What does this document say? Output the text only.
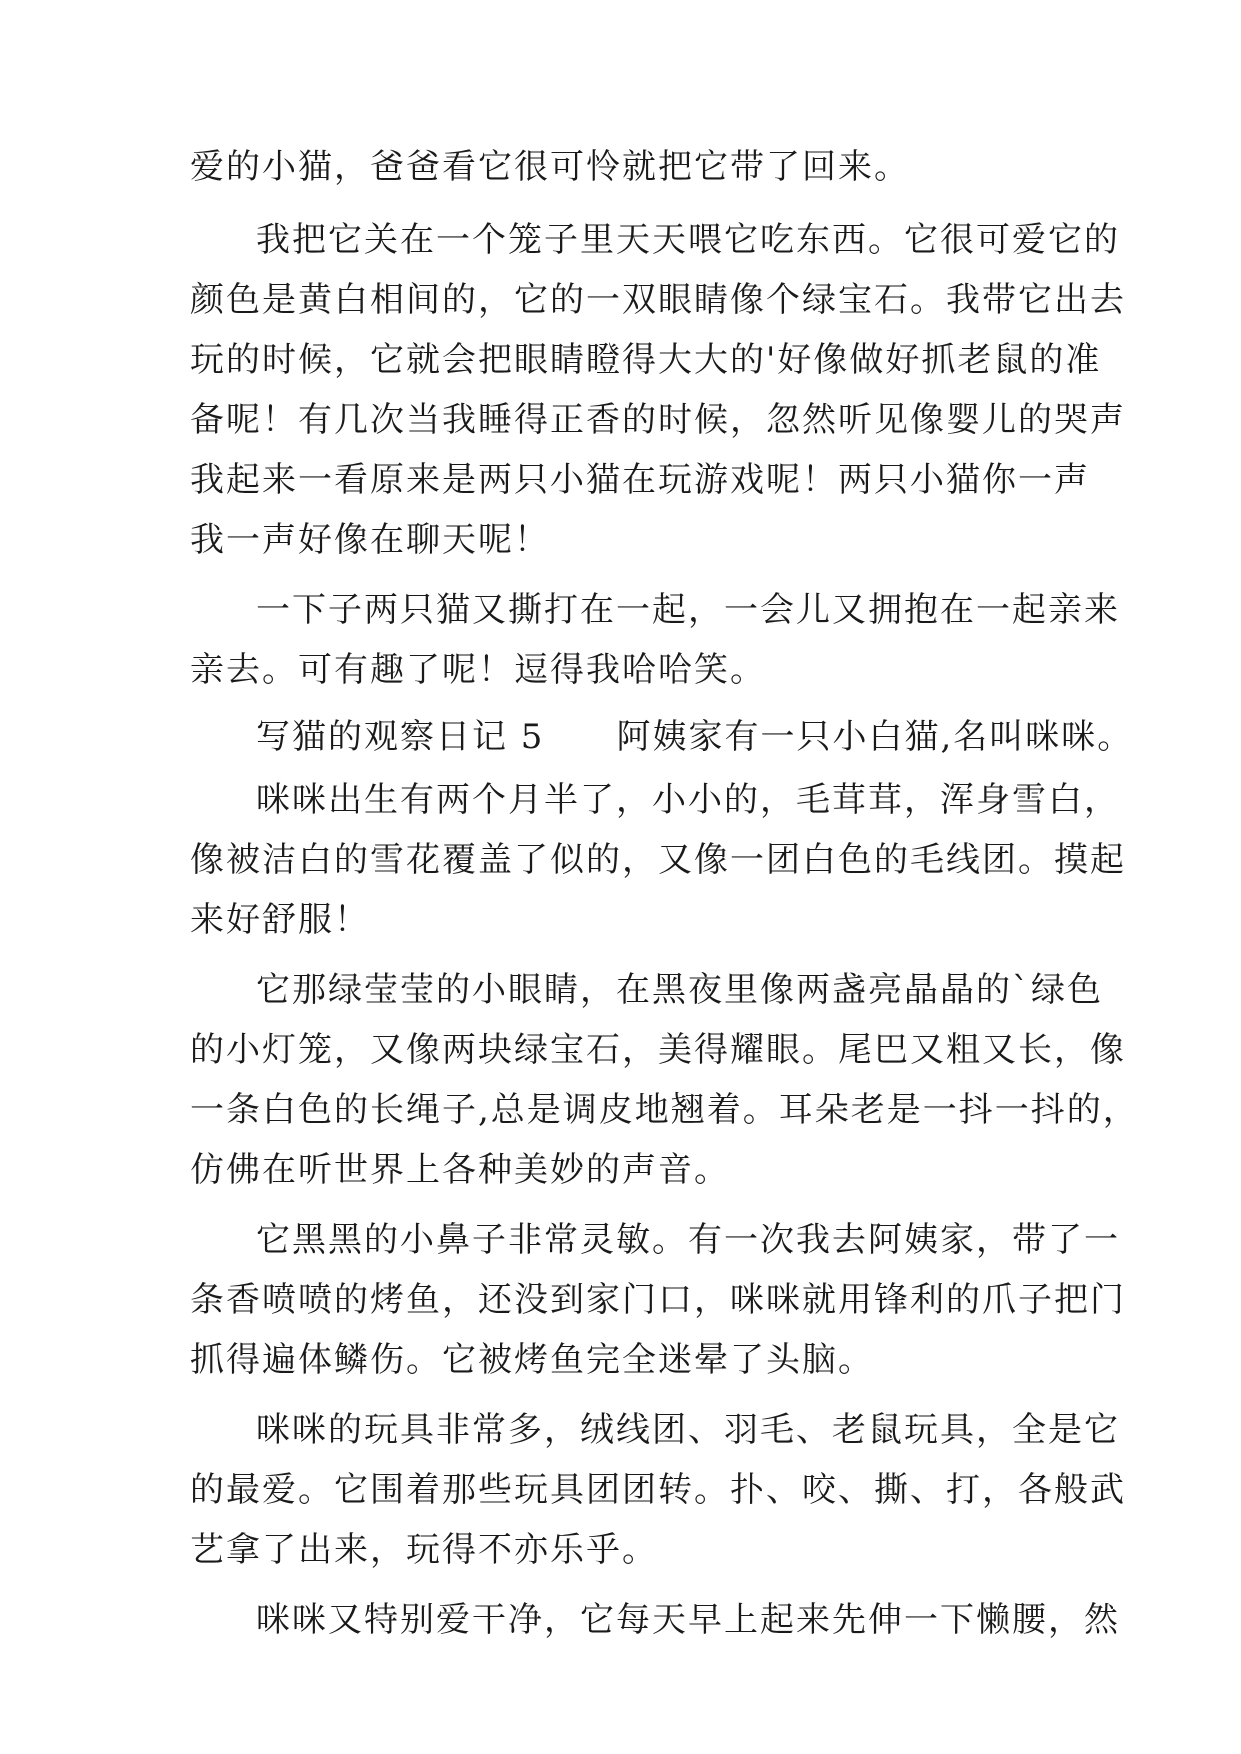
爱的小猫，爸爸看它很可怜就把它带了回来。
我把它关在一个笼子里天天喂它吃东西。它很可爱它的
颜色是黄白相间的，它的一双眼睛像个绿宝石。我带它出去
玩的时候，它就会把眼睛瞪得大大的'好像做好抓老鼠的准
备呢！有几次当我睡得正香的时候，忽然听见像婴儿的哭声
我起来一看原来是两只小猫在玩游戏呢！两只小猫你一声
我一声好像在聊天呢！
一下子两只猫又撕打在一起，一会儿又拥抱在一起亲来
亲去。可有趣了呢！逗得我哈哈笑。
写猫的观察日记 5　　阿姨家有一只小白猫,名叫咪咪。
咪咪出生有两个月半了，小小的，毛茸茸，浑身雪白，
像被洁白的雪花覆盖了似的，又像一团白色的毛线团。摸起
来好舒服！
它那绿莹莹的小眼睛，在黑夜里像两盏亮晶晶的`绿色
的小灯笼，又像两块绿宝石，美得耀眼。尾巴又粗又长，像
一条白色的长绳子,总是调皮地翘着。耳朵老是一抖一抖的，
仿佛在听世界上各种美妙的声音。
它黑黑的小鼻子非常灵敏。有一次我去阿姨家，带了一
条香喷喷的烤鱼，还没到家门口，咪咪就用锋利的爪子把门
抓得遍体鳞伤。它被烤鱼完全迷晕了头脑。
咪咪的玩具非常多，绒线团、羽毛、老鼠玩具，全是它
的最爱。它围着那些玩具团团转。扑、咬、撕、打，各般武
艺拿了出来，玩得不亦乐乎。
咪咪又特别爱干净，它每天早上起来先伸一下懒腰，然
